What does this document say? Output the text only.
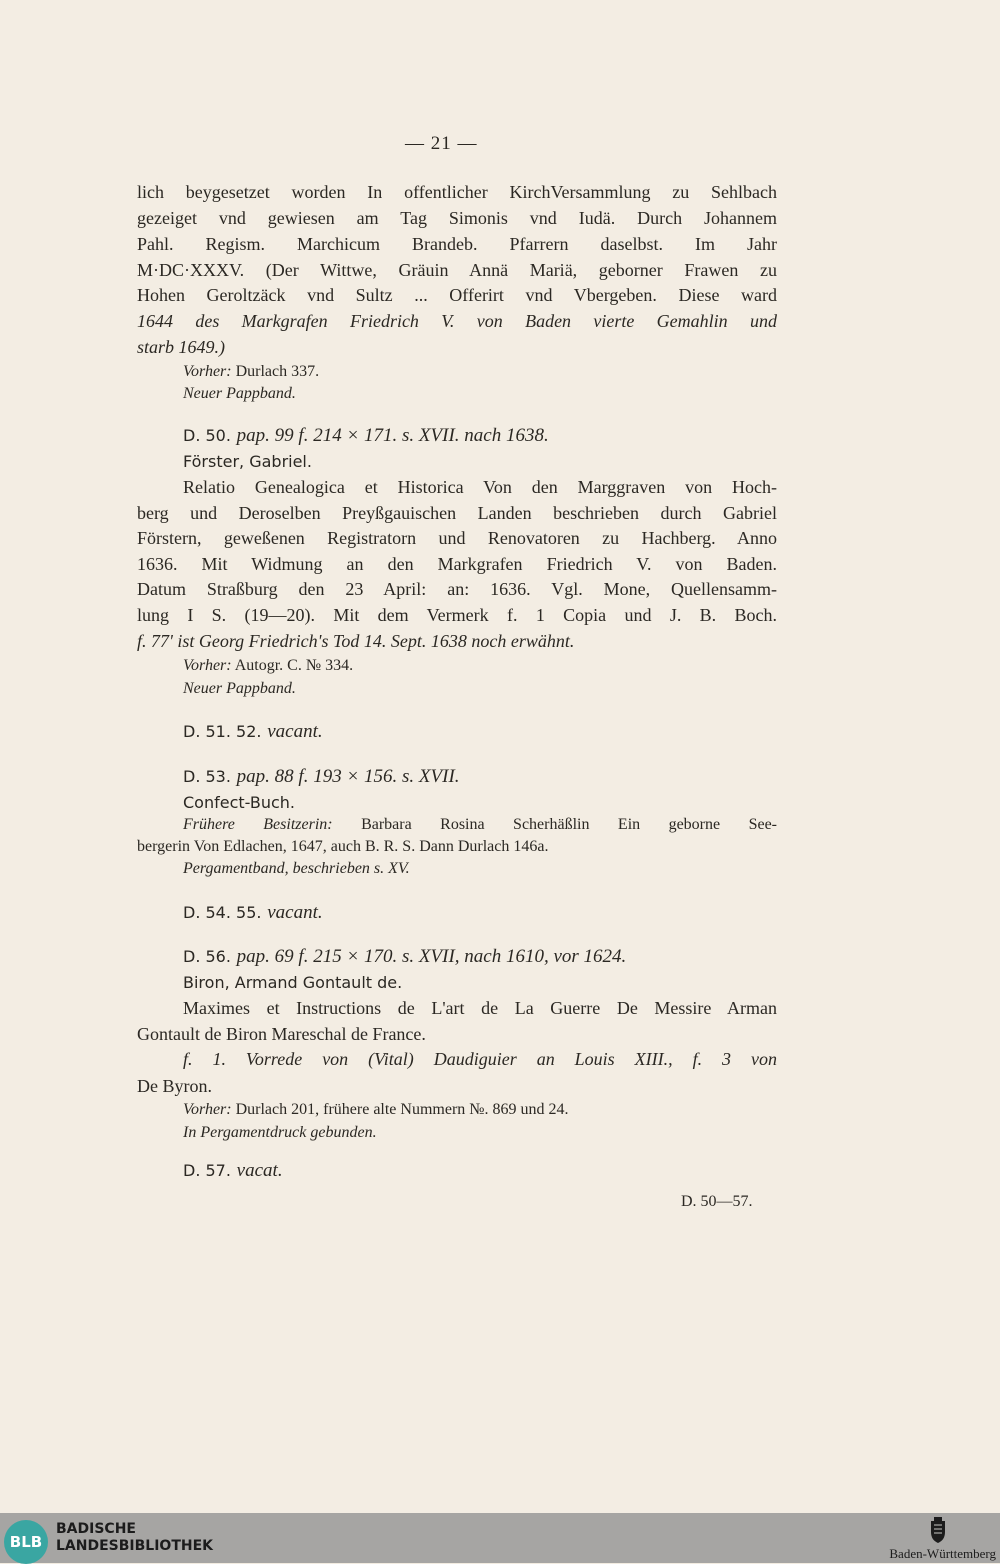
— 21 —
lich beygesetzet worden In offentlicher KirchVersammlung zu Sehlbach
gezeiget vnd gewiesen am Tag Simonis vnd Iudä. Durch Johannem
Pahl. Regism. Marchicum Brandeb. Pfarrern daselbst. Im Jahr
M·DC·XXXV. (Der Wittwe, Gräuin Annä Mariä, geborner Frawen zu
Hohen Geroltzäck vnd Sultz ... Offerirt vnd Vbergeben. Diese ward
1644 des Markgrafen Friedrich V. von Baden vierte Gemahlin und
starb 1649.)
Vorher: Durlach 337.
Neuer Pappband.
D. 50. pap. 99 f. 214 × 171. s. XVII. nach 1638.
Förster, Gabriel.
Relatio Genealogica et Historica Von den Marggraven von Hoch-
berg und Deroselben Preyßgauischen Landen beschrieben durch Gabriel
Förstern, geweßenen Registratorn und Renovatoren zu Hachberg. Anno
1636. Mit Widmung an den Markgrafen Friedrich V. von Baden.
Datum Straßburg den 23 April: an: 1636. Vgl. Mone, Quellensamm-
lung I S. (19—20). Mit dem Vermerk f. 1 Copia und J. B. Boch.
f. 77' ist Georg Friedrich's Tod 14. Sept. 1638 noch erwähnt.
Vorher: Autogr. C. № 334.
Neuer Pappband.
D. 51. 52. vacant.
D. 53. pap. 88 f. 193 × 156. s. XVII.
Confect-Buch.
Frühere Besitzerin: Barbara Rosina Scherhäßlin Ein geborne See-
bergerin Von Edlachen, 1647, auch B. R. S. Dann Durlach 146a.
Pergamentband, beschrieben s. XV.
D. 54. 55. vacant.
D. 56. pap. 69 f. 215 × 170. s. XVII, nach 1610, vor 1624.
Biron, Armand Gontault de.
Maximes et Instructions de L'art de La Guerre De Messire Arman
Gontault de Biron Mareschal de France.
f. 1. Vorrede von (Vital) Daudiguier an Louis XIII., f. 3 von
De Byron.
Vorher: Durlach 201, frühere alte Nummern №. 869 und 24.
In Pergamentdruck gebunden.
D. 57. vacat.
D. 50—57.
BLB
BADISCHE
LANDESBIBLIOTHEK	Baden-Württemberg
